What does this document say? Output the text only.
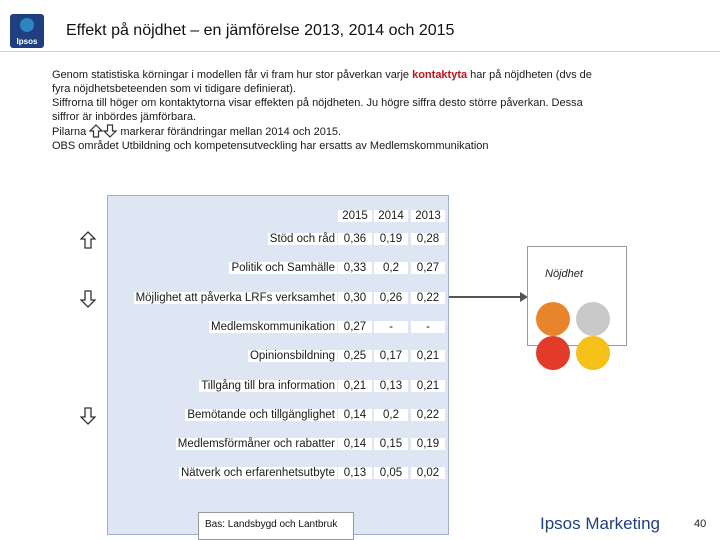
Ipsos
Effekt på nöjdhet – en jämförelse 2013, 2014 och 2015
Genom statistiska körningar i modellen får vi fram hur stor påverkan varje kontaktyta har på nöjdheten (dvs de fyra nöjdhetsbeteenden som vi tidigare definierat).
Siffrorna till höger om kontaktytorna visar effekten på nöjdheten. Ju högre siffra desto större påverkan. Dessa siffror är inbördes jämförbara.
Pilarna	markerar förändringar mellan 2014 och 2015.
OBS området Utbildning och kompetensutveckling har ersatts av Medlemskommunikation
2015 2014 2013
Stöd och råd 0,36	0,19	0,28
Politik och Samhälle 0,33	0,2	0,27
Möjlighet att påverka LRFs verksamhet 0,30	0,26	0,22
Medlemskommunikation 0,27	-	-
Opinionsbildning 0,25	0,17	0,21
Tillgång till bra information 0,21	0,13	0,21
Bemötande och tillgänglighet 0,14	0,2	0,22
Medlemsförmåner och rabatter 0,14	0,15	0,19
Nätverk och erfarenhetsutbyte 0,13	0,05	0,02
Nöjdhet
Bas: Landsbygd och Lantbruk	Ipsos Marketing	40
